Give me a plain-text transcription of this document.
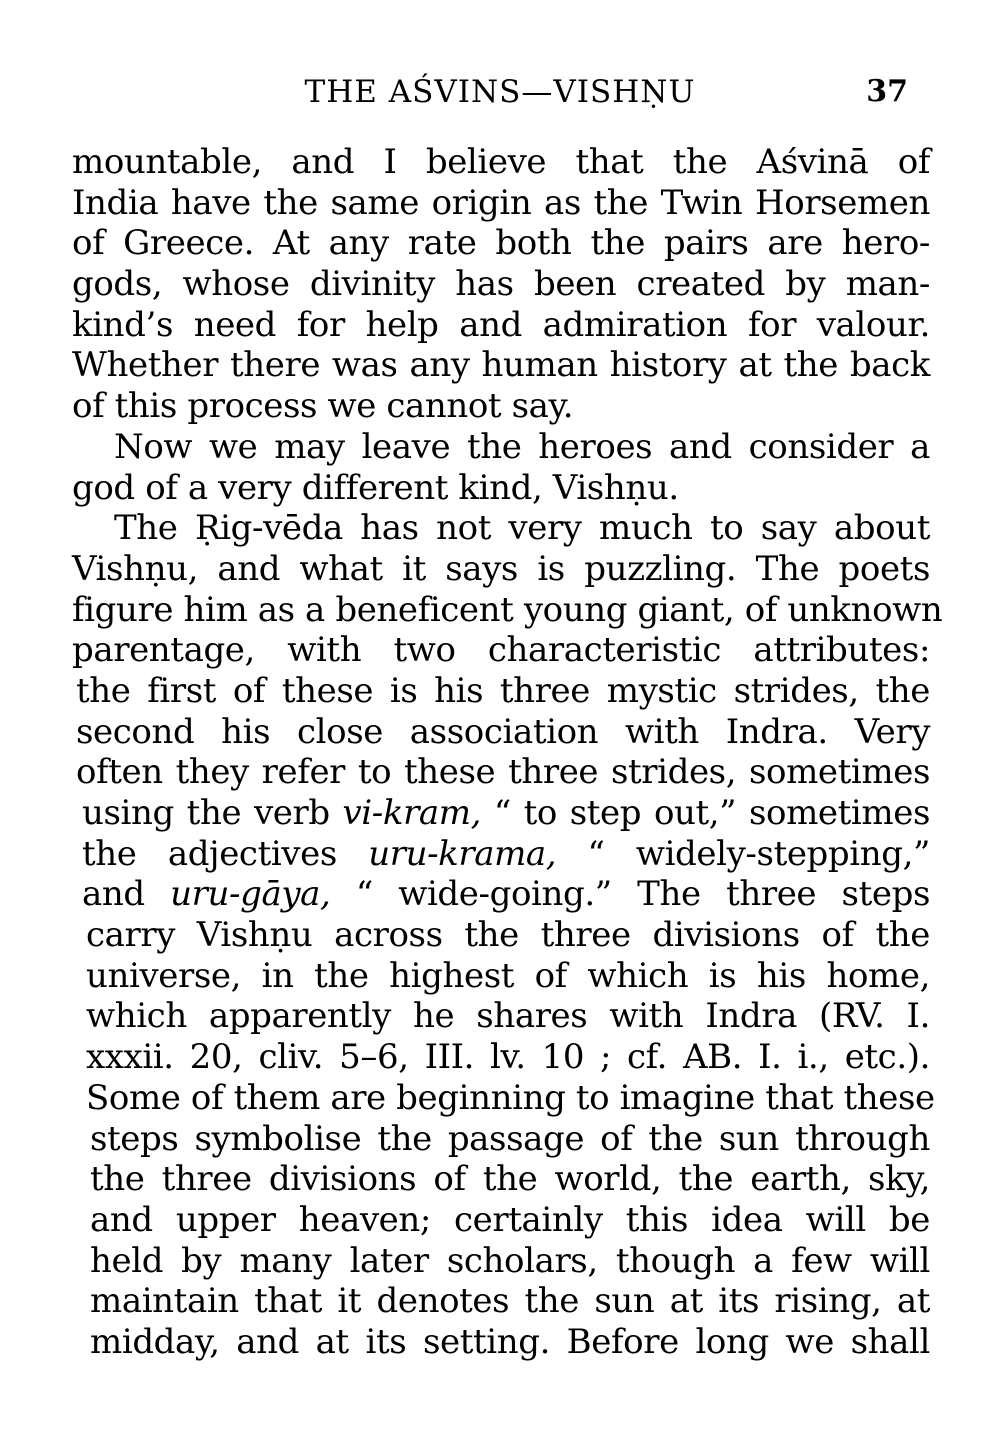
THE AŚVINS—VISHṆU	37
mountable, and I believe that the Aśvinā of
India have the same origin as the Twin Horsemen
of Greece. At any rate both the pairs are hero-
gods, whose divinity has been created by man-
kind’s need for help and admiration for valour.
Whether there was any human history at the back
of this process we cannot say.
Now we may leave the heroes and consider a
god of a very different kind, Vishṇu.
The Ṛig-vēda has not very much to say about
Vishṇu, and what it says is puzzling. The poets
figure him as a beneficent young giant, of unknown
parentage, with two characteristic attributes:
the first of these is his three mystic strides, the
second his close association with Indra. Very
often they refer to these three strides, sometimes
using the verb vi-kram, “ to step out,” sometimes
the adjectives uru-krama, “ widely-stepping,”
and uru-gāya, “ wide-going.” The three steps
carry Vishṇu across the three divisions of the
universe, in the highest of which is his home,
which apparently he shares with Indra (RV. I.
xxxii. 20, cliv. 5–6, III. lv. 10 ; cf. AB. I. i., etc.).
Some of them are beginning to imagine that these
steps symbolise the passage of the sun through
the three divisions of the world, the earth, sky,
and upper heaven; certainly this idea will be
held by many later scholars, though a few will
maintain that it denotes the sun at its rising, at
midday, and at its setting. Before long we shall
